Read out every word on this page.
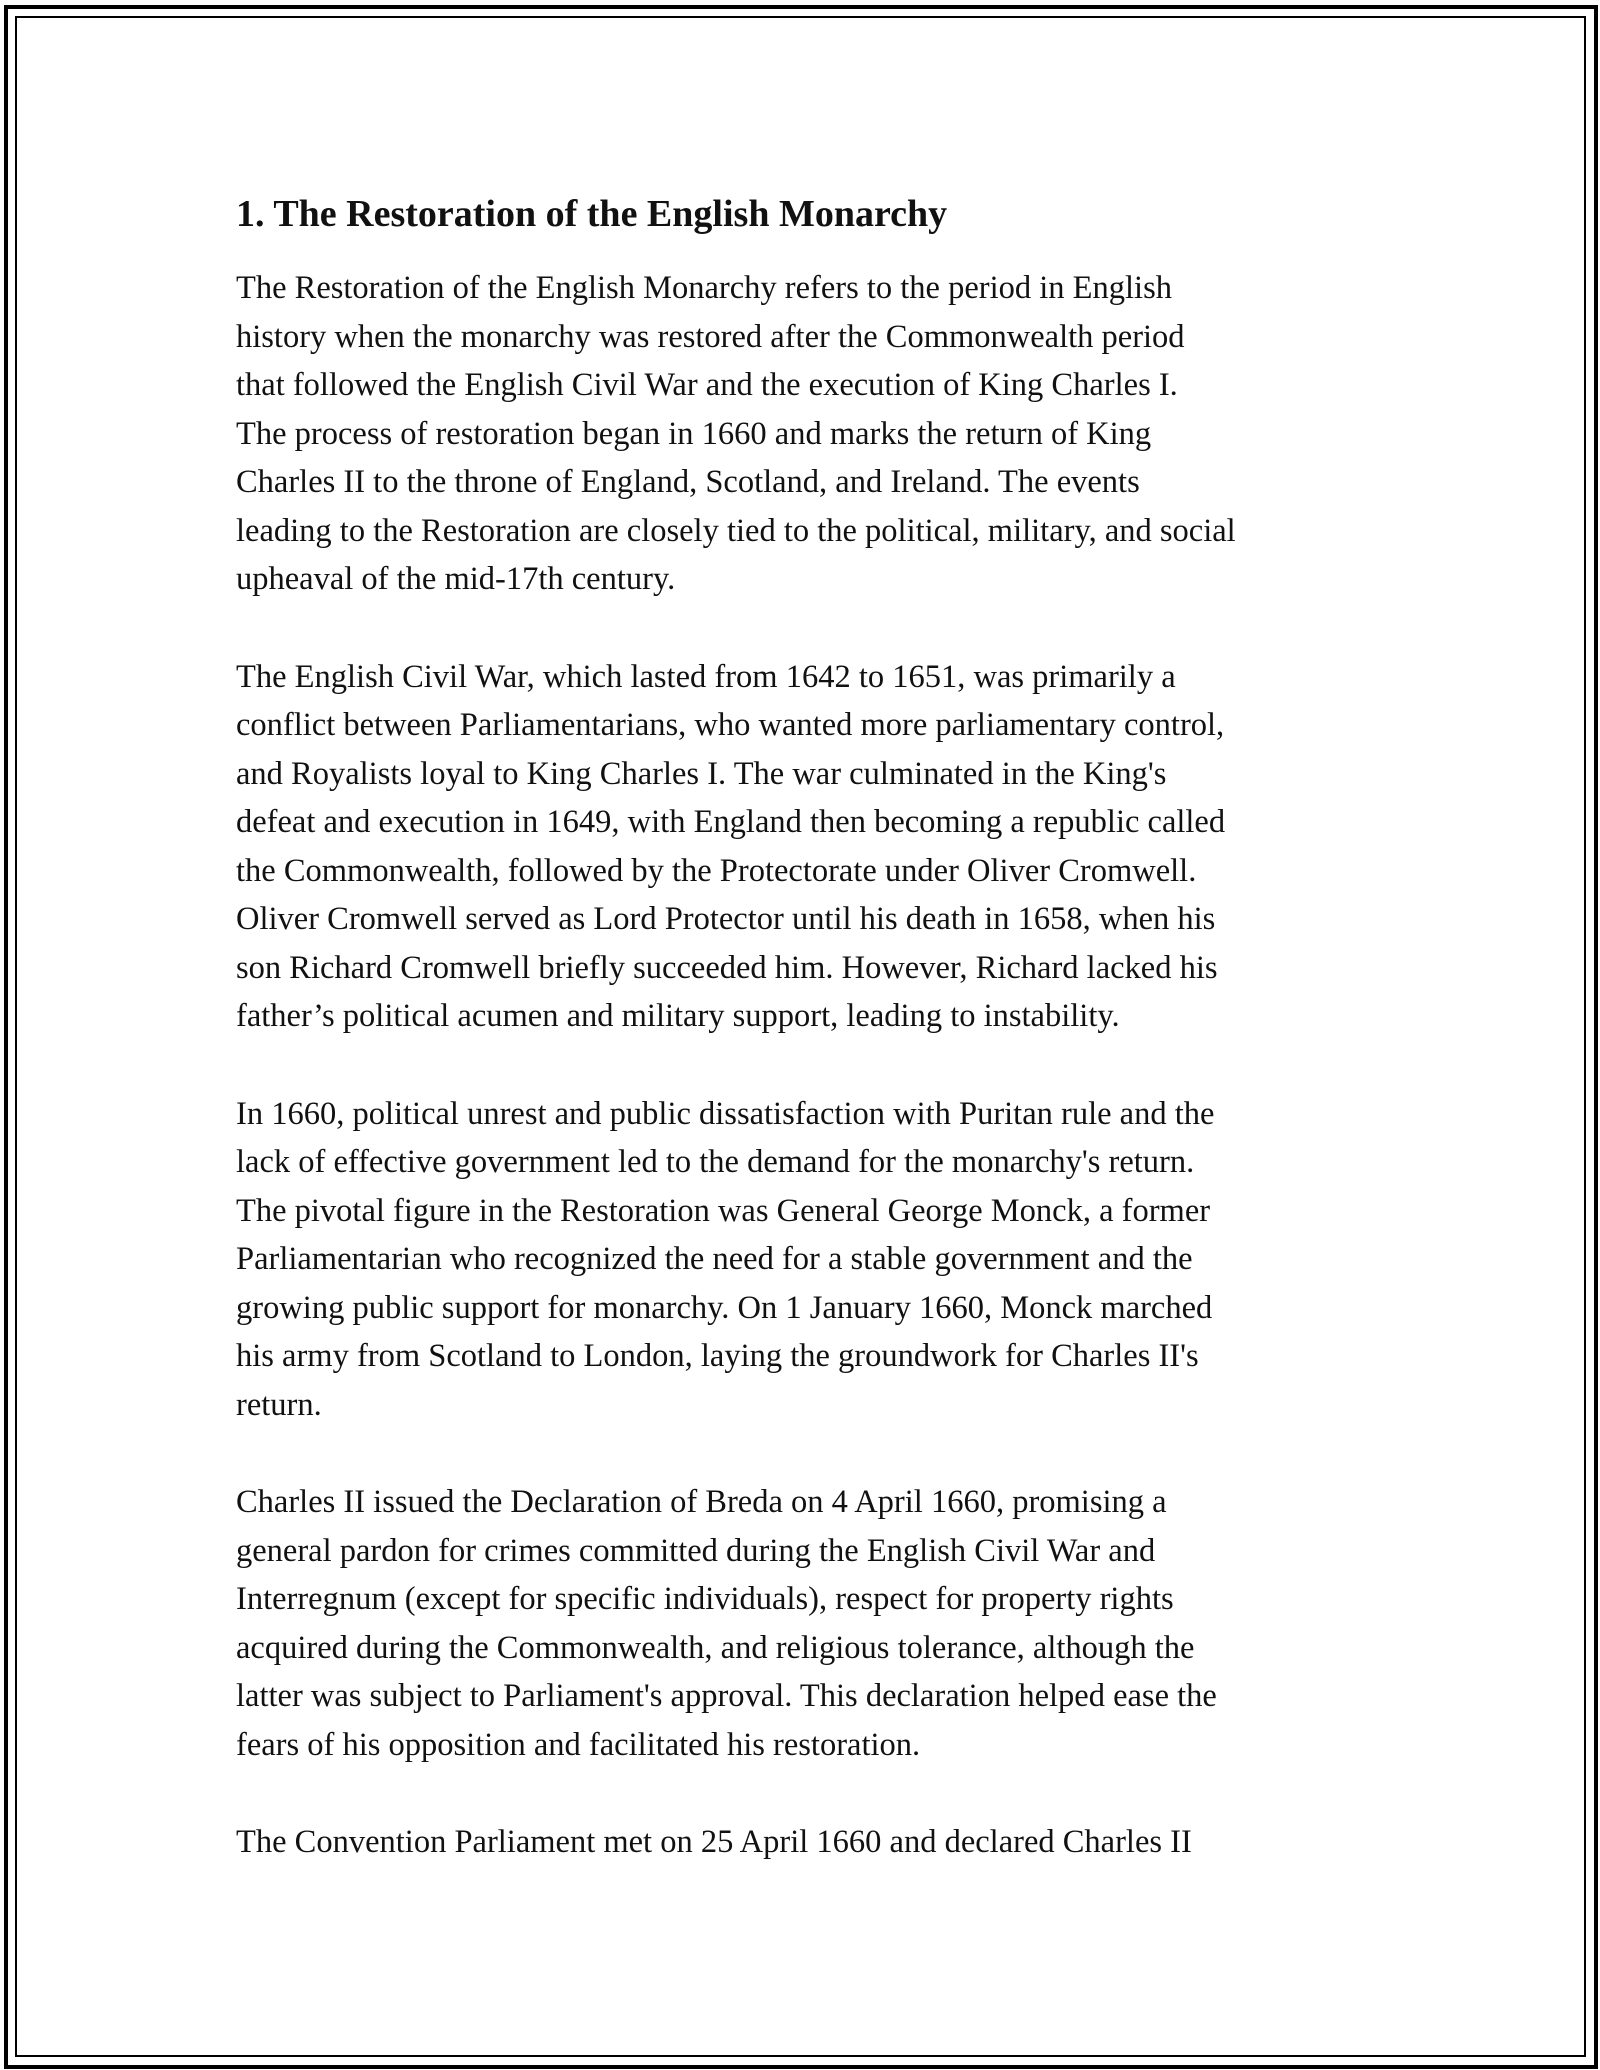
1. The Restoration of the English Monarchy

The Restoration of the English Monarchy refers to the period in English
history when the monarchy was restored after the Commonwealth period
that followed the English Civil War and the execution of King Charles I.
The process of restoration began in 1660 and marks the return of King
Charles II to the throne of England, Scotland, and Ireland. The events
leading to the Restoration are closely tied to the political, military, and social
upheaval of the mid-17th century.

The English Civil War, which lasted from 1642 to 1651, was primarily a
conflict between Parliamentarians, who wanted more parliamentary control,
and Royalists loyal to King Charles I. The war culminated in the King's
defeat and execution in 1649, with England then becoming a republic called
the Commonwealth, followed by the Protectorate under Oliver Cromwell.
Oliver Cromwell served as Lord Protector until his death in 1658, when his
son Richard Cromwell briefly succeeded him. However, Richard lacked his
father’s political acumen and military support, leading to instability.

In 1660, political unrest and public dissatisfaction with Puritan rule and the
lack of effective government led to the demand for the monarchy's return.
The pivotal figure in the Restoration was General George Monck, a former
Parliamentarian who recognized the need for a stable government and the
growing public support for monarchy. On 1 January 1660, Monck marched
his army from Scotland to London, laying the groundwork for Charles II's
return.

Charles II issued the Declaration of Breda on 4 April 1660, promising a
general pardon for crimes committed during the English Civil War and
Interregnum (except for specific individuals), respect for property rights
acquired during the Commonwealth, and religious tolerance, although the
latter was subject to Parliament's approval. This declaration helped ease the
fears of his opposition and facilitated his restoration.

The Convention Parliament met on 25 April 1660 and declared Charles II
